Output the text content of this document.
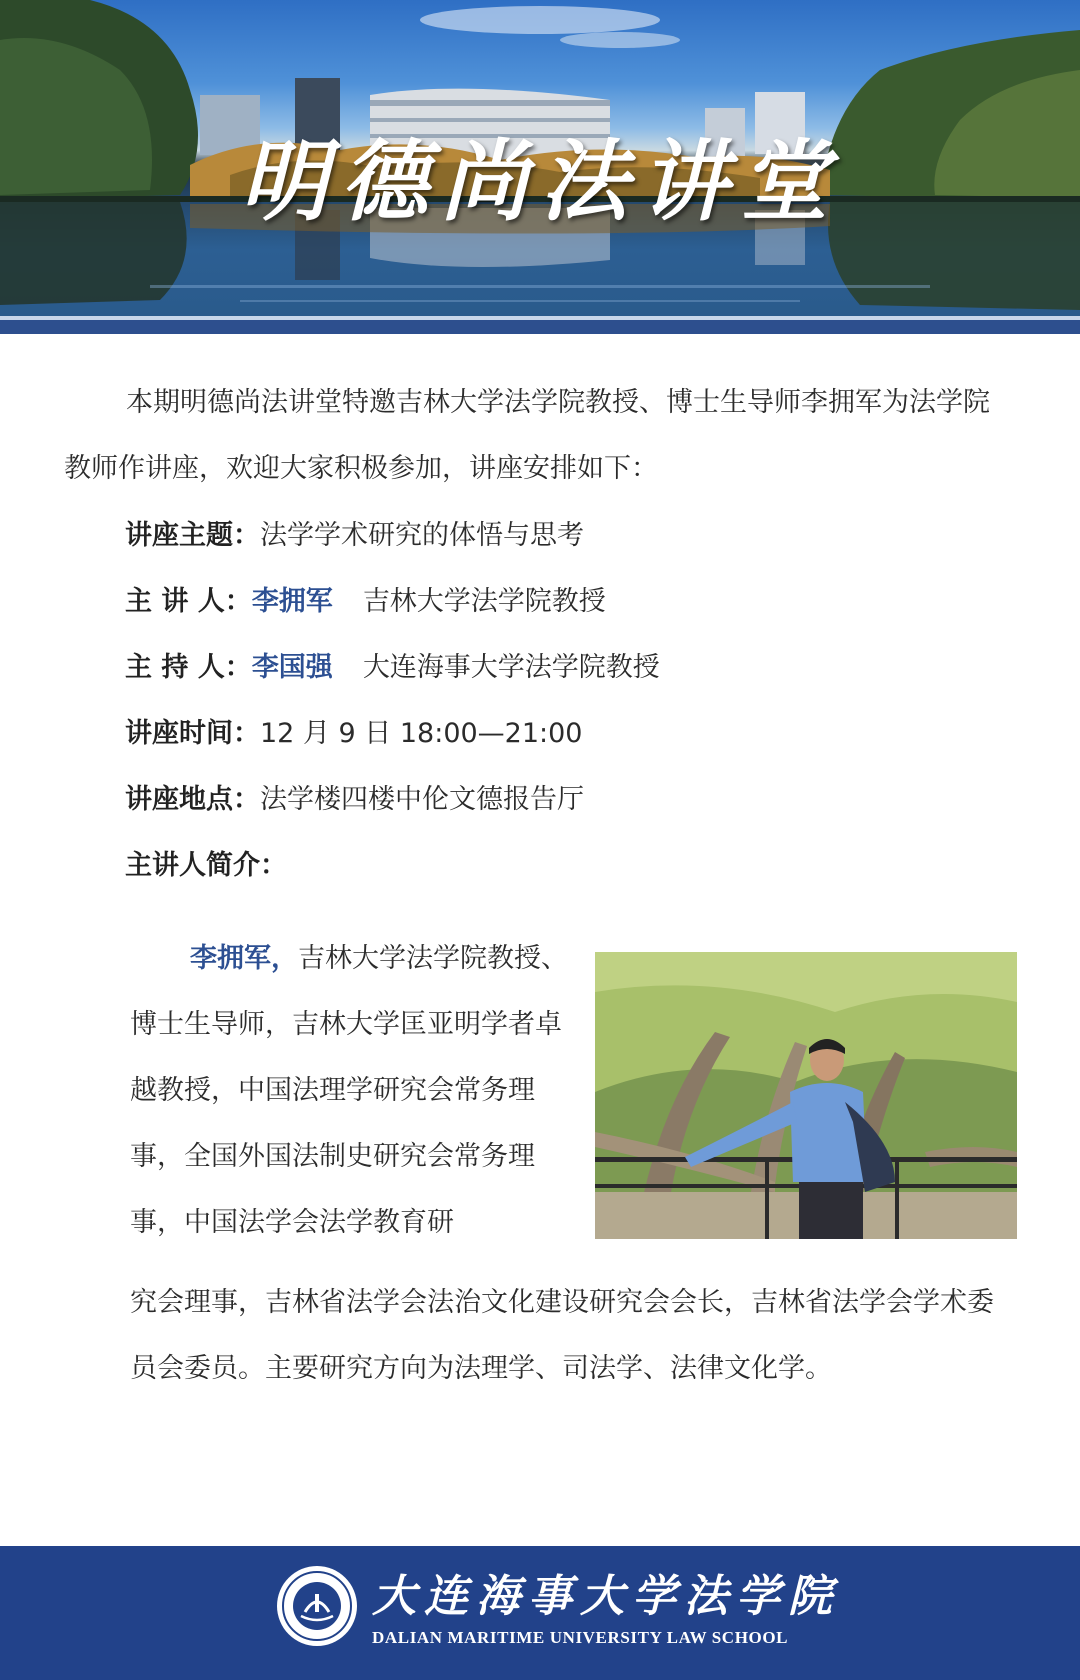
明德尚法讲堂

本期明德尚法讲堂特邀吉林大学法学院教授、博士生导师李拥军为法学院教师作讲座，欢迎大家积极参加，讲座安排如下：

讲座主题：法学学术研究的体悟与思考
主 讲 人：李拥军 吉林大学法学院教授
主 持 人：李国强 大连海事大学法学院教授
讲座时间：12 月 9 日 18:00—21:00
讲座地点：法学楼四楼中伦文德报告厅
主讲人简介：

李拥军，吉林大学法学院教授、博士生导师，吉林大学匡亚明学者卓越教授，中国法理学研究会常务理事，全国外国法制史研究会常务理事，中国法学会法学教育研

究会理事，吉林省法学会法治文化建设研究会会长，吉林省法学会学术委员会委员。主要研究方向为法理学、司法学、法律文化学。

大连海事大学法学院
DALIAN MARITIME UNIVERSITY LAW SCHOOL
